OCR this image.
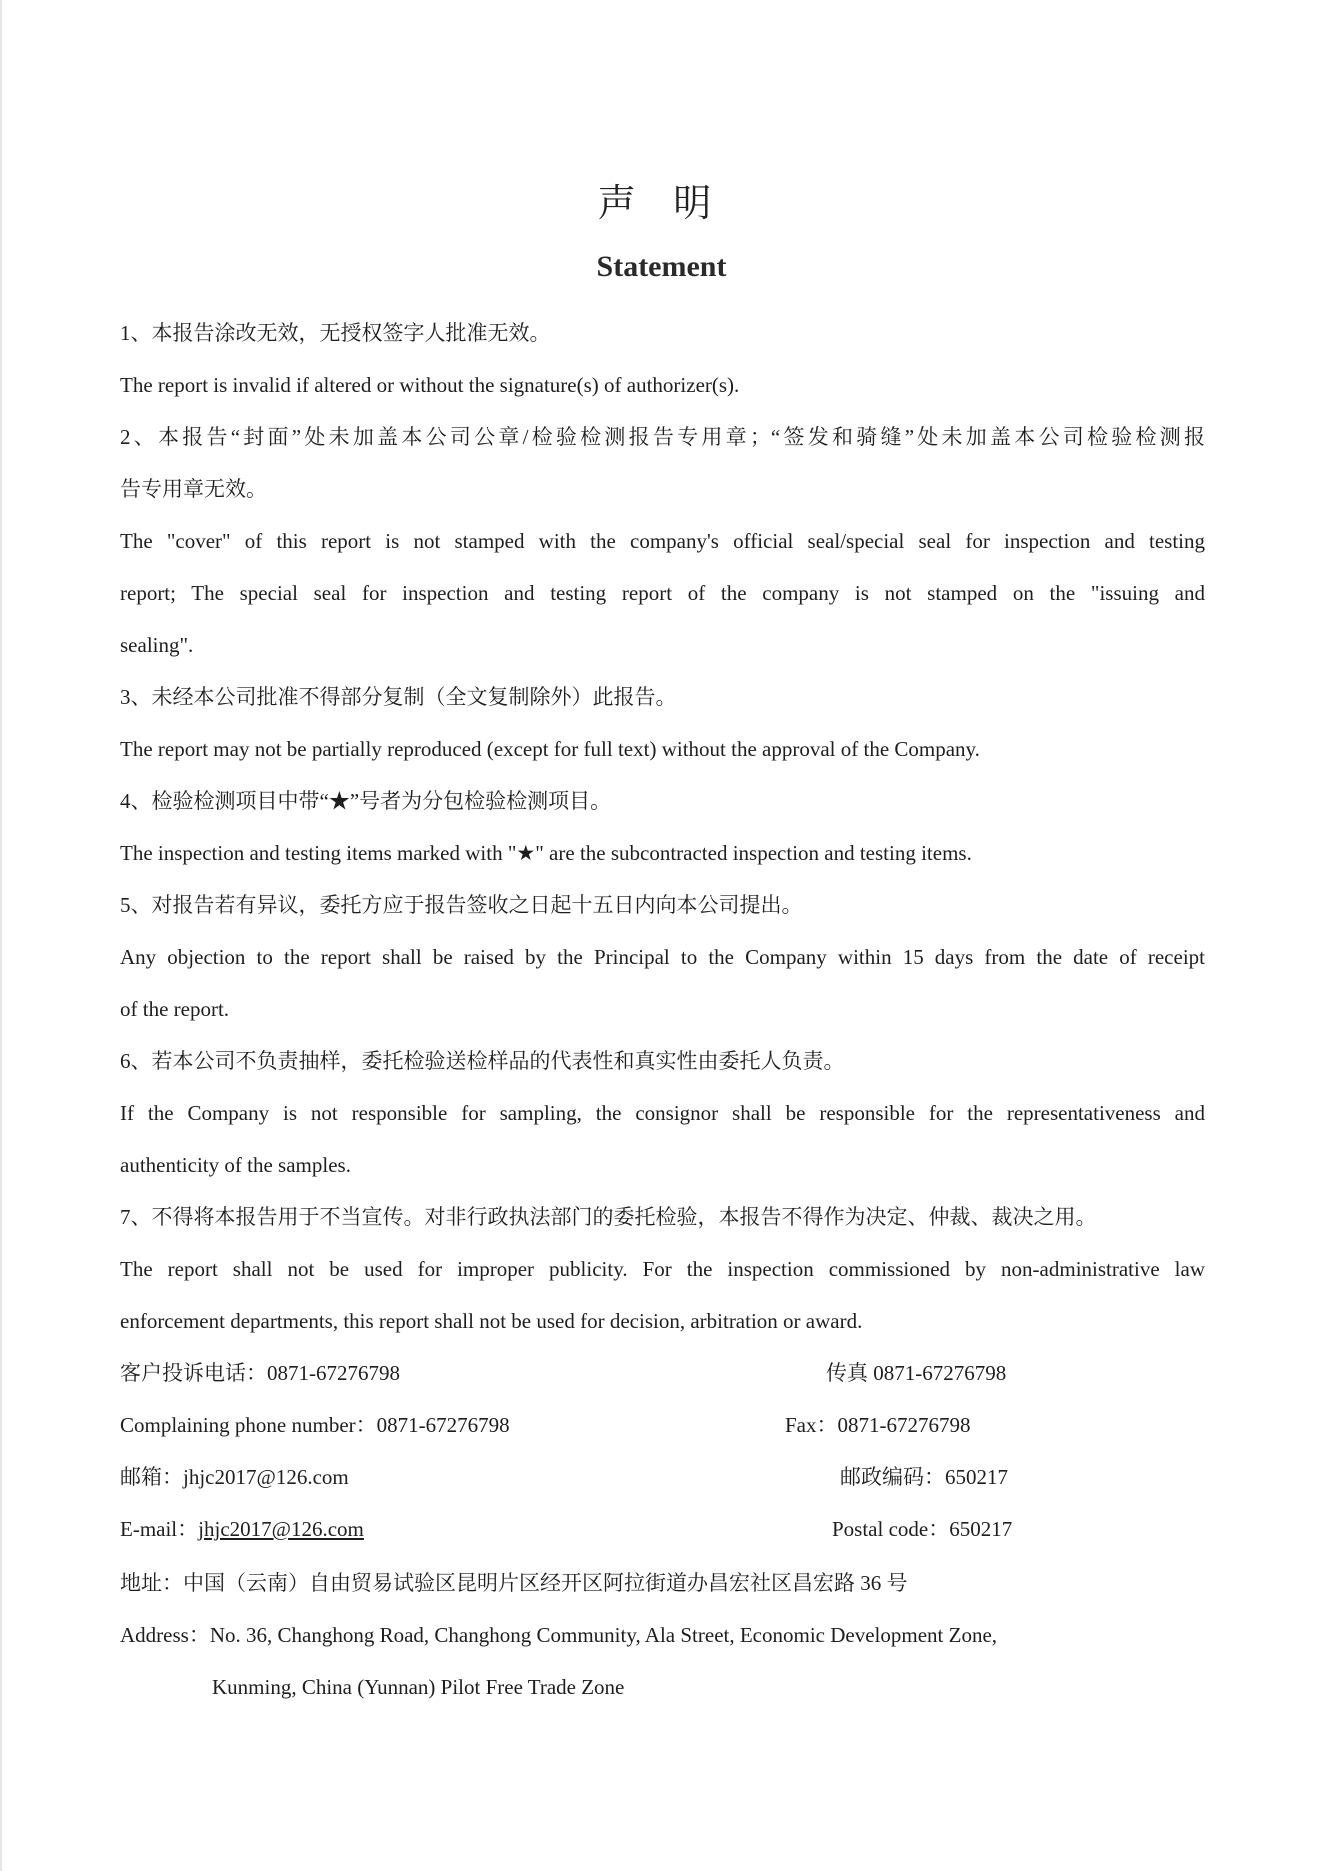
声 明
Statement
1、本报告涂改无效，无授权签字人批准无效。
The report is invalid if altered or without the signature(s) of authorizer(s).
2、本报告“封面”处未加盖本公司公章/检验检测报告专用章；“签发和骑缝”处未加盖本公司检验检测报
告专用章无效。
The "cover" of this report is not stamped with the company's official seal/special seal for inspection and testing
report; The special seal for inspection and testing report of the company is not stamped on the "issuing and
sealing".
3、未经本公司批准不得部分复制（全文复制除外）此报告。
The report may not be partially reproduced (except for full text) without the approval of the Company.
4、检验检测项目中带“★”号者为分包检验检测项目。
The inspection and testing items marked with "★" are the subcontracted inspection and testing items.
5、对报告若有异议，委托方应于报告签收之日起十五日内向本公司提出。
Any objection to the report shall be raised by the Principal to the Company within 15 days from the date of receipt
of the report.
6、若本公司不负责抽样，委托检验送检样品的代表性和真实性由委托人负责。
If the Company is not responsible for sampling, the consignor shall be responsible for the representativeness and
authenticity of the samples.
7、不得将本报告用于不当宣传。对非行政执法部门的委托检验，本报告不得作为决定、仲裁、裁决之用。
The report shall not be used for improper publicity. For the inspection commissioned by non-administrative law
enforcement departments, this report shall not be used for decision, arbitration or award.
客户投诉电话：0871-67276798	传真 0871-67276798
Complaining phone number：0871-67276798	Fax：0871-67276798
邮箱：jhjc2017@126.com	邮政编码：650217
E-mail：jhjc2017@126.com	Postal code：650217
地址：中国（云南）自由贸易试验区昆明片区经开区阿拉街道办昌宏社区昌宏路 36 号
Address：No. 36, Changhong Road, Changhong Community, Ala Street, Economic Development Zone,
Kunming, China (Yunnan) Pilot Free Trade Zone
